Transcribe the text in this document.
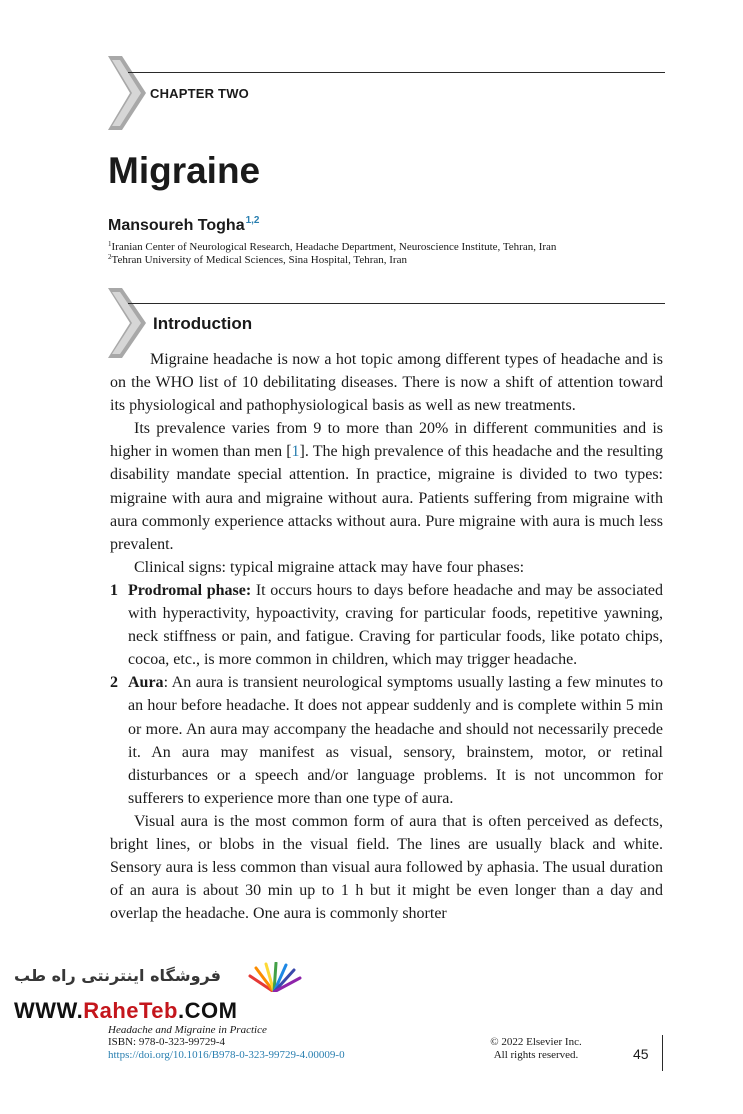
CHAPTER TWO
Migraine
Mansoureh Togha$^{1,2}$
$^1$Iranian Center of Neurological Research, Headache Department, Neuroscience Institute, Tehran, Iran
$^2$Tehran University of Medical Sciences, Sina Hospital, Tehran, Iran
Introduction

Migraine headache is now a hot topic among different types of headache and is on the WHO list of 10 debilitating diseases. There is now a shift of attention toward its physiological and pathophysiological basis as well as new treatments.

Its prevalence varies from 9 to more than 20% in different communities and is higher in women than men [1]. The high prevalence of this headache and the resulting disability mandate special attention. In practice, migraine is divided to two types: migraine with aura and migraine without aura. Patients suffering from migraine with aura commonly experience attacks without aura. Pure migraine with aura is much less prevalent.

Clinical signs: typical migraine attack may have four phases:

1 Prodromal phase: It occurs hours to days before headache and may be associated with hyperactivity, hypoactivity, craving for particular foods, repetitive yawning, neck stiffness or pain, and fatigue. Craving for particular foods, like potato chips, cocoa, etc., is more common in children, which may trigger headache.
2 Aura: An aura is transient neurological symptoms usually lasting a few minutes to an hour before headache. It does not appear suddenly and is complete within 5 min or more. An aura may accompany the headache and should not necessarily precede it. An aura may manifest as visual, sensory, brainstem, motor, or retinal disturbances or a speech and/or language problems. It is not uncommon for sufferers to experience more than one type of aura.

Visual aura is the most common form of aura that is often perceived as defects, bright lines, or blobs in the visual field. The lines are usually black and white. Sensory aura is less common than visual aura followed by aphasia. The usual duration of an aura is about 30 min up to 1 h but it might be even longer than a day and overlap the headache. One aura is commonly shorter

فروشگاه اینترنتی راه طب
WWW.RaheTeb.COM
Headache and Migraine in Practice
ISBN: 978-0-323-99729-4
https://doi.org/10.1016/B978-0-323-99729-4.00009-0
© 2022 Elsevier Inc.
All rights reserved.	45
